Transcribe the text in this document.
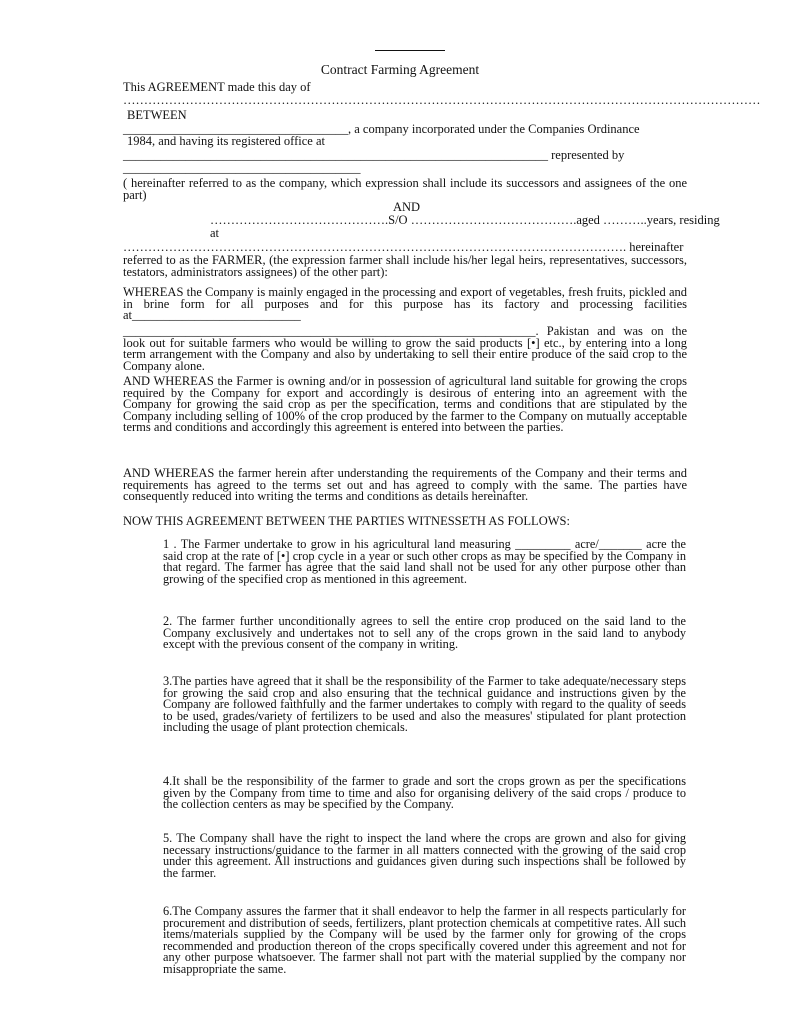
Contract Farming Agreement

This AGREEMENT made this day of

………………………………………………………………………………………………………………………………………

BETWEEN

____________________________________, a company incorporated under the Companies Ordinance

1984, and having its registered office at

____________________________________________________________________ represented by

______________________________________

( hereinafter referred to as the company, which expression shall include its successors and assignees of the one part)

AND

…………………………………….S/O ………………………………….aged ………..years, residing

at

…………………………………………………………………………………………………………. hereinafter

referred to as the FARMER, (the expression farmer shall include his/her legal heirs, representatives, successors, testators, administrators assignees) of the other part):

WHEREAS the Company is mainly engaged in the processing and export of vegetables, fresh fruits, pickled and in brine form for all purposes and for this purpose has its factory and processing facilities at___________________________

__________________________________________________________________. Pakistan and was on the look out for suitable farmers who would be willing to grow the said products [•] etc., by entering into a long term arrangement with the Company and also by undertaking to sell their entire produce of the said crop to the Company alone.

AND WHEREAS the Farmer is owning and/or in possession of agricultural land suitable for growing the crops required by the Company for export and accordingly is desirous of entering into an agreement with the Company for growing the said crop as per the specification, terms and conditions that are stipulated by the Company including selling of 100% of the crop produced by the farmer to the Company on mutually acceptable terms and conditions and accordingly this agreement is entered into between the parties.

AND WHEREAS the farmer herein after understanding the requirements of the Company and their terms and requirements has agreed to the terms set out and has agreed to comply with the same. The parties have consequently reduced into writing the terms and conditions as details hereinafter.

NOW THIS AGREEMENT BETWEEN THE PARTIES WITNESSETH AS FOLLOWS:

1 . The Farmer undertake to grow in his agricultural land measuring _________ acre/_______ acre the said crop at the rate of [•] crop cycle in a year or such other crops as may be specified by the Company in that regard. The farmer has agree that the said land shall not be used for any other purpose other than growing of the specified crop as mentioned in this agreement.

2. The farmer further unconditionally agrees to sell the entire crop produced on the said land to the Company exclusively and undertakes not to sell any of the crops grown in the said land to anybody except with the previous consent of the company in writing.

3.The parties have agreed that it shall be the responsibility of the Farmer to take adequate/necessary steps for growing the said crop and also ensuring that the technical guidance and instructions given by the Company are followed faithfully and the farmer undertakes to comply with regard to the quality of seeds to be used, grades/variety of fertilizers to be used and also the measures' stipulated for plant protection including the usage of plant protection chemicals.

4.It shall be the responsibility of the farmer to grade and sort the crops grown as per the specifications given by the Company from time to time and also for organising delivery of the said crops / produce to the collection centers as may be specified by the Company.

5. The Company shall have the right to inspect the land where the crops are grown and also for giving necessary instructions/guidance to the farmer in all matters connected with the growing of the said crop under this agreement. All instructions and guidances given during such inspections shall be followed by the farmer.

6.The Company assures the farmer that it shall endeavor to help the farmer in all respects particularly for procurement and distribution of seeds, fertilizers, plant protection chemicals at competitive rates. All such items/materials supplied by the Company will be used by the farmer only for growing of the crops recommended and production thereon of the crops specifically covered under this agreement and not for any other purpose whatsoever. The farmer shall not part with the material supplied by the company nor misappropriate the same.
